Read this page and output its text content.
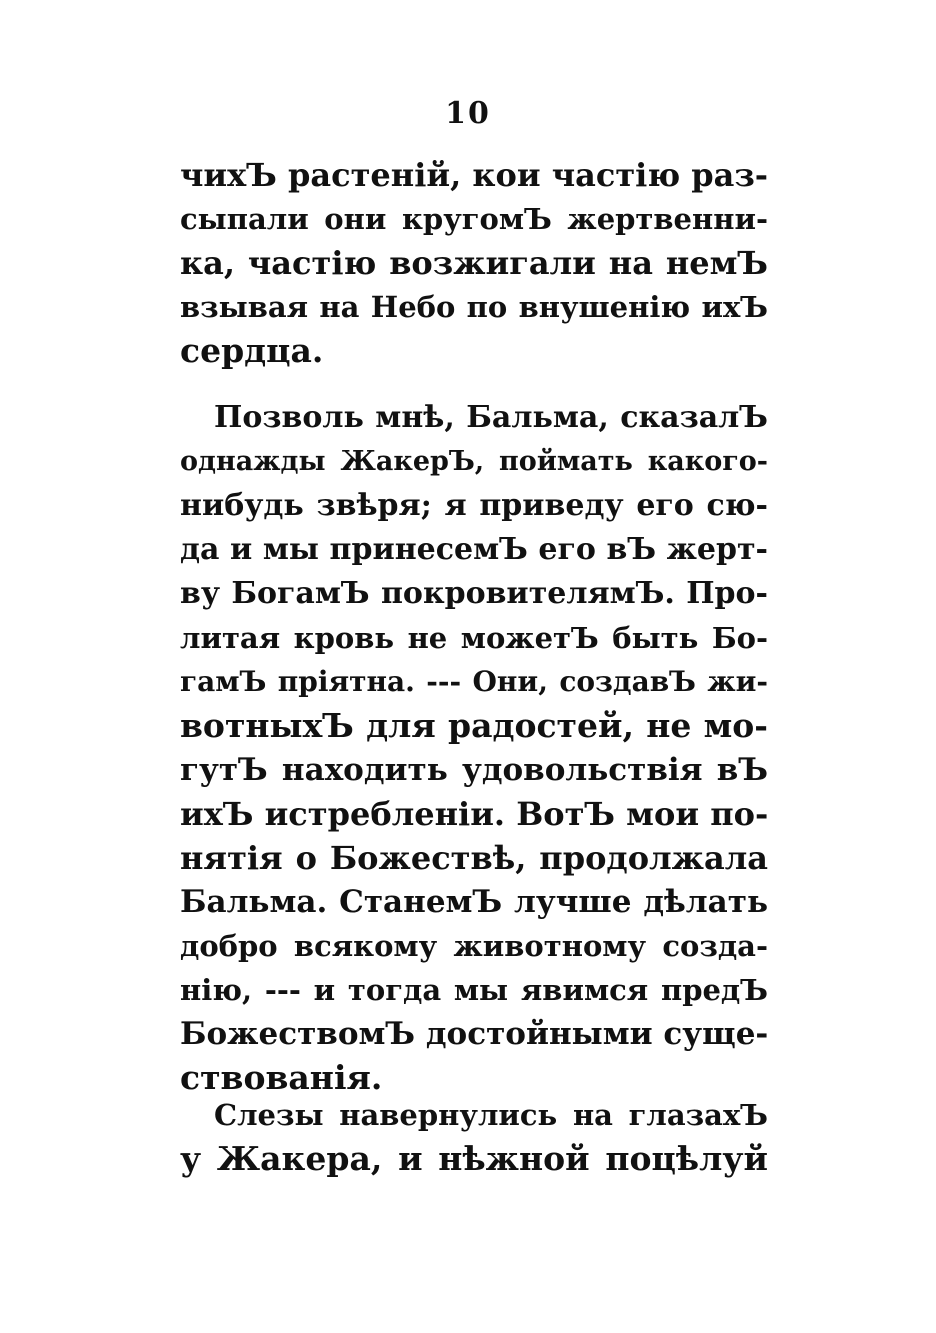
10
чихЪ растенiй, кои частiю раз-
сыпали они кругомЪ жертвенни-
ка, частiю возжигали на немЪ
взывая на Небо по внушенiю ихЪ
сердца.
Позволь мнѣ, Бальма, сказалЪ
однажды ЖакерЪ, поймать какого-
нибудь звѣря; я приведу его сю-
да и мы принесемЪ его вЪ жерт-
ву БогамЪ покровителямЪ. Про-
литая кровь не можетЪ быть Бо-
гамЪ прiятна. --- Они, создавЪ жи-
вотныхЪ для радостей, не мо-
гутЪ находить удовольствiя вЪ
ихЪ истребленiи. ВотЪ мои по-
нятiя о Божествѣ, продолжала
Бальма. СтанемЪ лучше дѣлать
добро всякому животному созда-
нiю, --- и тогда мы явимся предЪ
БожествомЪ достойными суще-
ствованiя.
Слезы навернулись на глазахЪ
у Жакера, и нѣжной поцѣлуй
